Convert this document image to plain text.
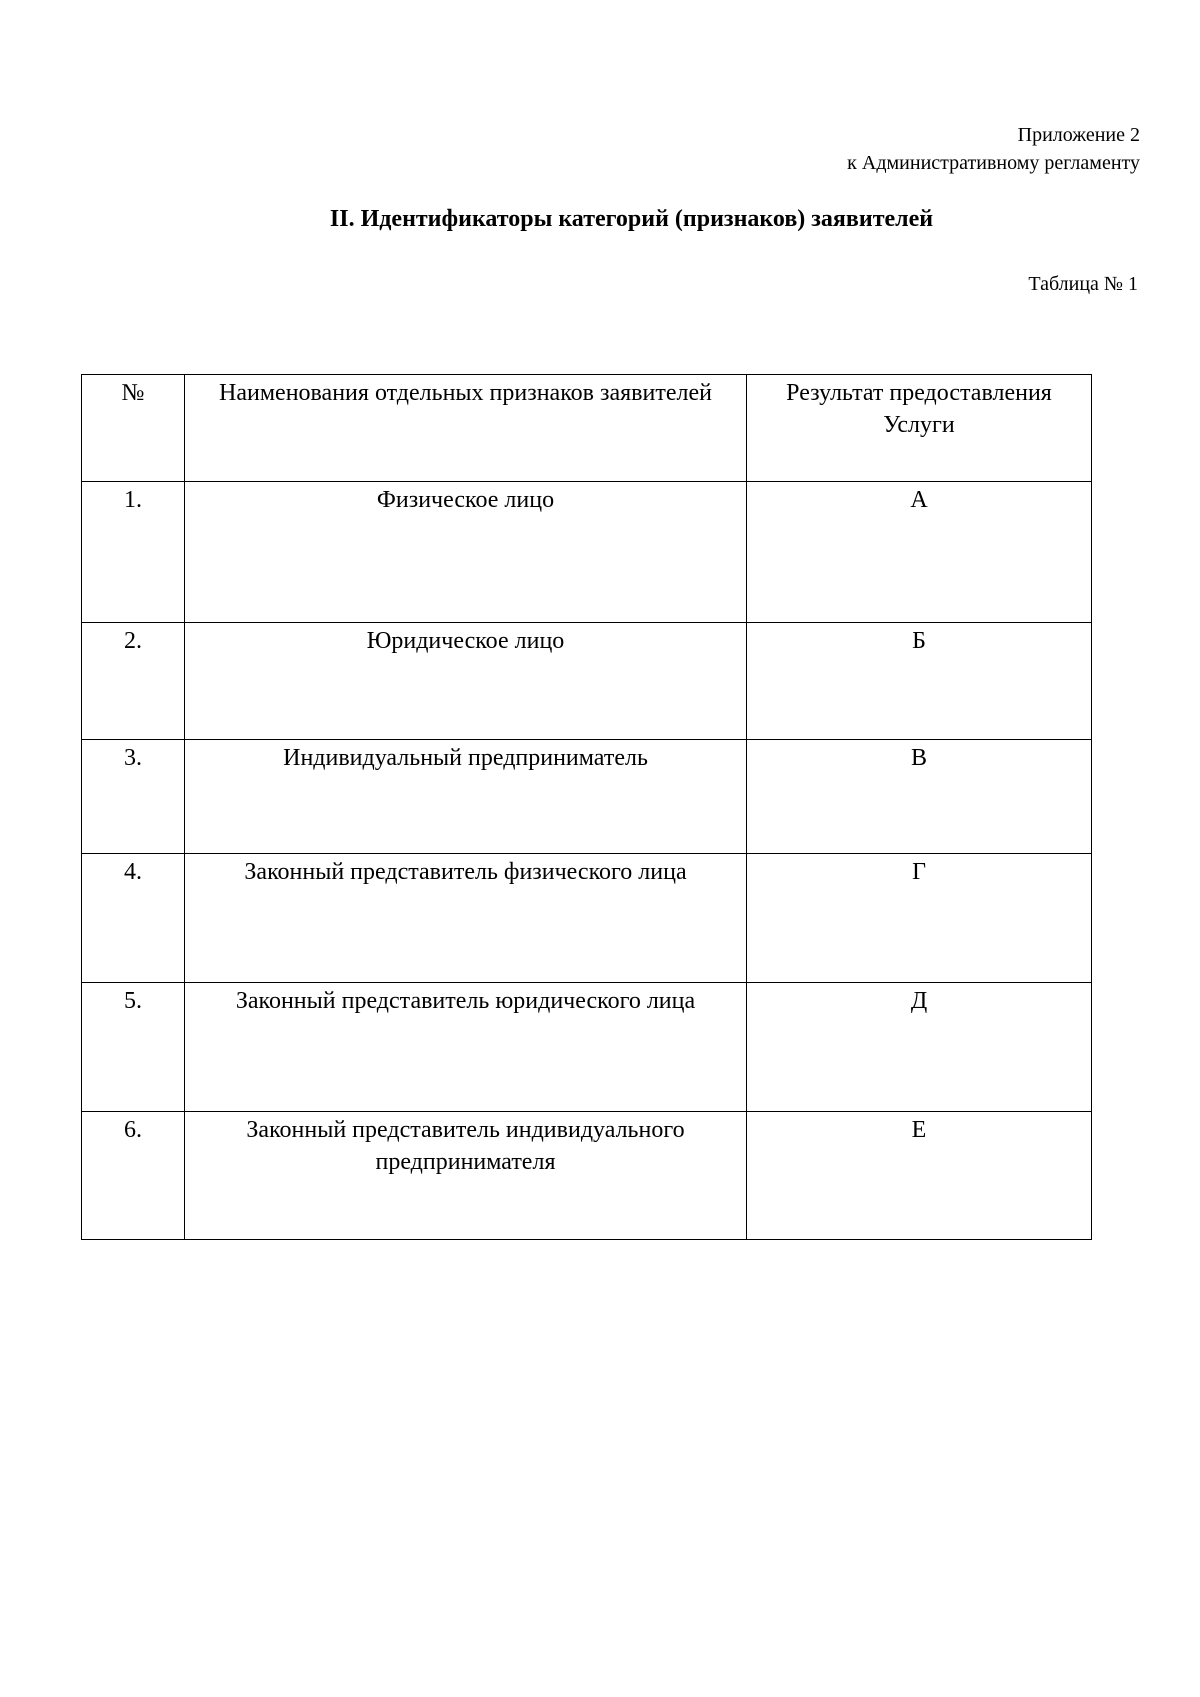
Приложение 2
к Административному регламенту
II. Идентификаторы категорий (признаков) заявителей
Таблица № 1
№	Наименования отдельных признаков заявителей	Результат предоставления Услуги
1.	Физическое лицо	А
2.	Юридическое лицо	Б
3.	Индивидуальный предприниматель	В
4.	Законный представитель физического лица	Г
5.	Законный представитель юридического лица	Д
6.	Законный представитель индивидуального предпринимателя	Е
